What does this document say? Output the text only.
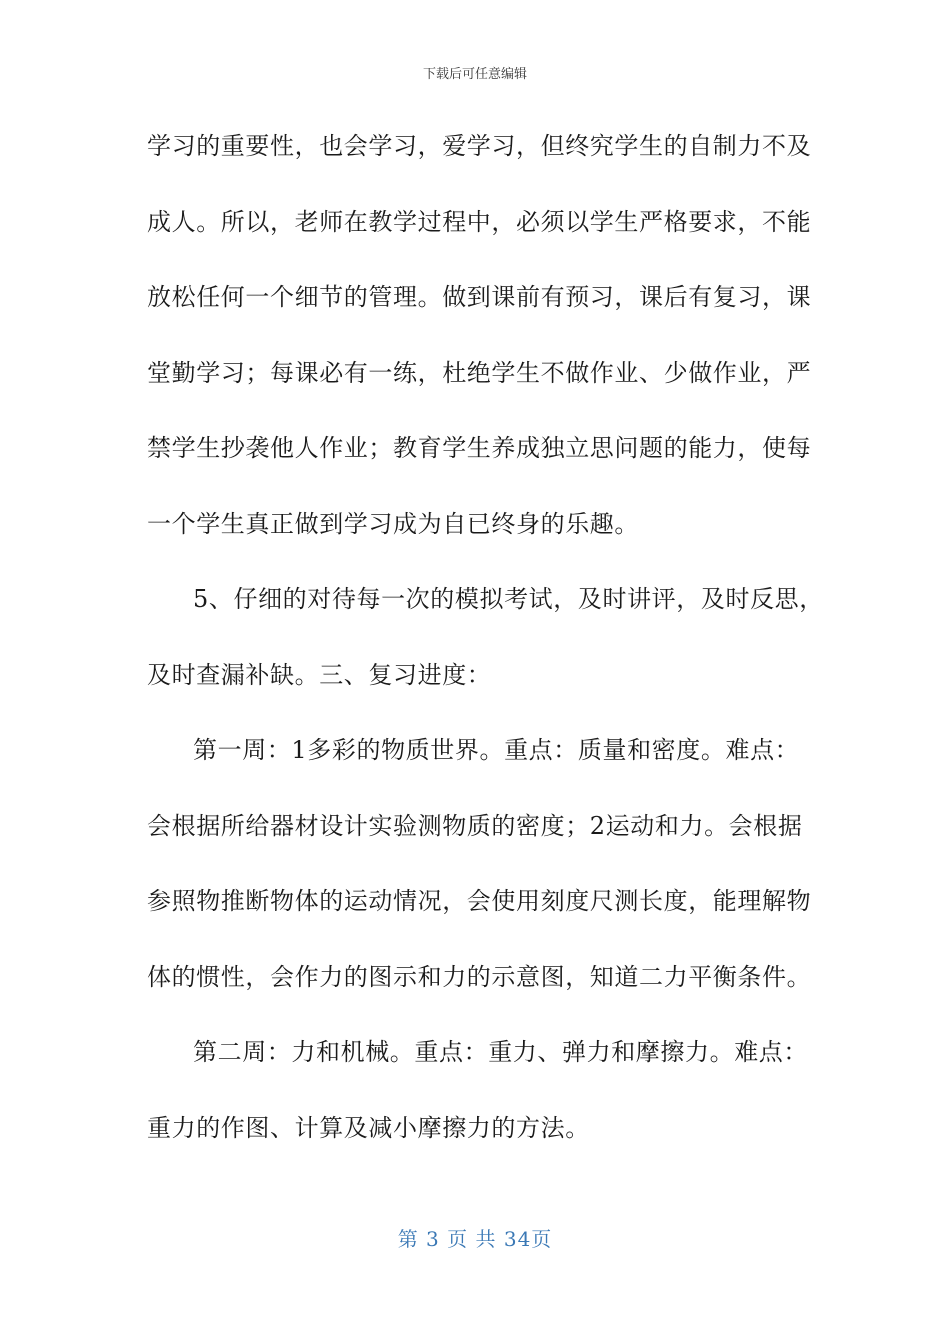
下载后可任意编辑
学习的重要性，也会学习，爱学习，但终究学生的自制力不及
成人。所以，老师在教学过程中，必须以学生严格要求，不能
放松任何一个细节的管理。做到课前有预习，课后有复习，课
堂勤学习；每课必有一练，杜绝学生不做作业、少做作业，严
禁学生抄袭他人作业；教育学生养成独立思问题的能力，使每
一个学生真正做到学习成为自已终身的乐趣。
5、仔细的对待每一次的模拟考试，及时讲评，及时反思，
及时查漏补缺。三、复习进度：
第一周：1多彩的物质世界。重点：质量和密度。难点：
会根据所给器材设计实验测物质的密度；2运动和力。会根据
参照物推断物体的运动情况，会使用刻度尺测长度，能理解物
体的惯性，会作力的图示和力的示意图，知道二力平衡条件。
第二周：力和机械。重点：重力、弹力和摩擦力。难点：
重力的作图、计算及减小摩擦力的方法。
第 3 页 共 34页
